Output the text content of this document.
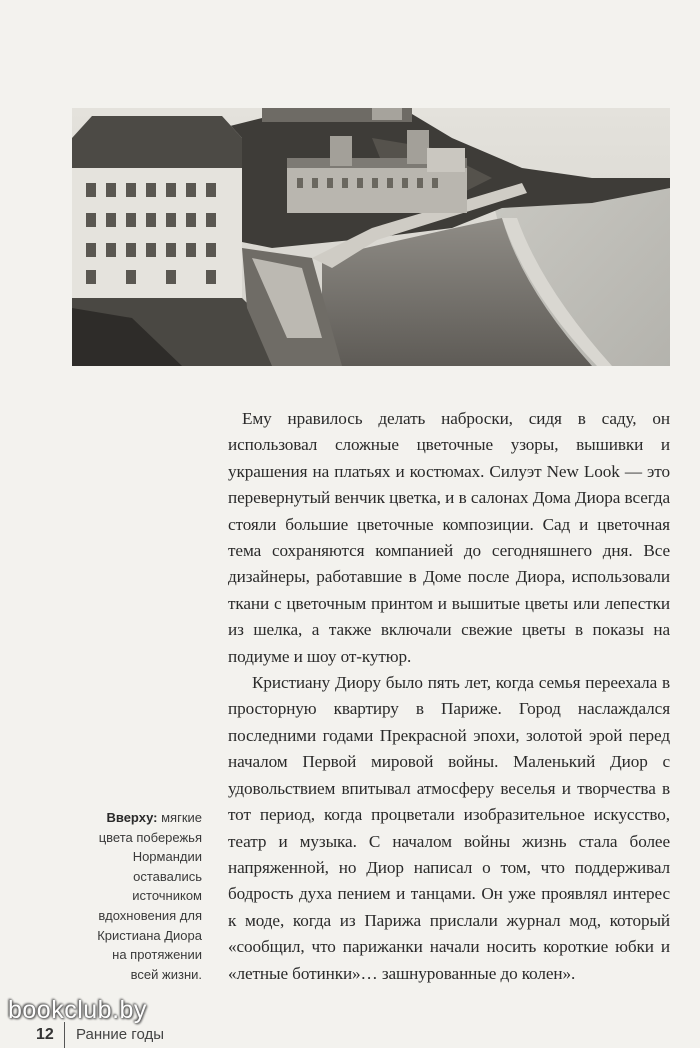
Ему нравилось делать наброски, сидя в саду, он использовал сложные цветочные узоры, вышивки и украшения на платьях и костюмах. Силуэт New Look — это перевернутый венчик цветка, и в салонах Дома Диора всегда стояли большие цветочные композиции. Сад и цветочная тема сохраняются компанией до сегодняшнего дня. Все дизайнеры, работавшие в Доме после Диора, использовали ткани с цветочным принтом и вышитые цветы или лепестки из шелка, а также включали свежие цветы в показы на подиуме и шоу от-кутюр.

Кристиану Диору было пять лет, когда семья переехала в просторную квартиру в Париже. Город наслаждался последними годами Прекрасной эпохи, золотой эрой перед началом Первой мировой войны. Маленький Диор с удовольствием впитывал атмосферу веселья и творчества в тот период, когда процветали изобразительное искусство, театр и музыка. С началом войны жизнь стала более напряженной, но Диор написал о том, что поддерживал бодрость духа пением и танцами. Он уже проявлял интерес к моде, когда из Парижа прислали журнал мод, который «сообщил, что парижанки начали носить короткие юбки и «летные ботинки»… зашнурованные до колен».

Вверху: мягкие цвета побережья Нормандии оставались источником вдохновения для Кристиана Диора на протяжении всей жизни.
12 Ранние годы
bookclub.by
